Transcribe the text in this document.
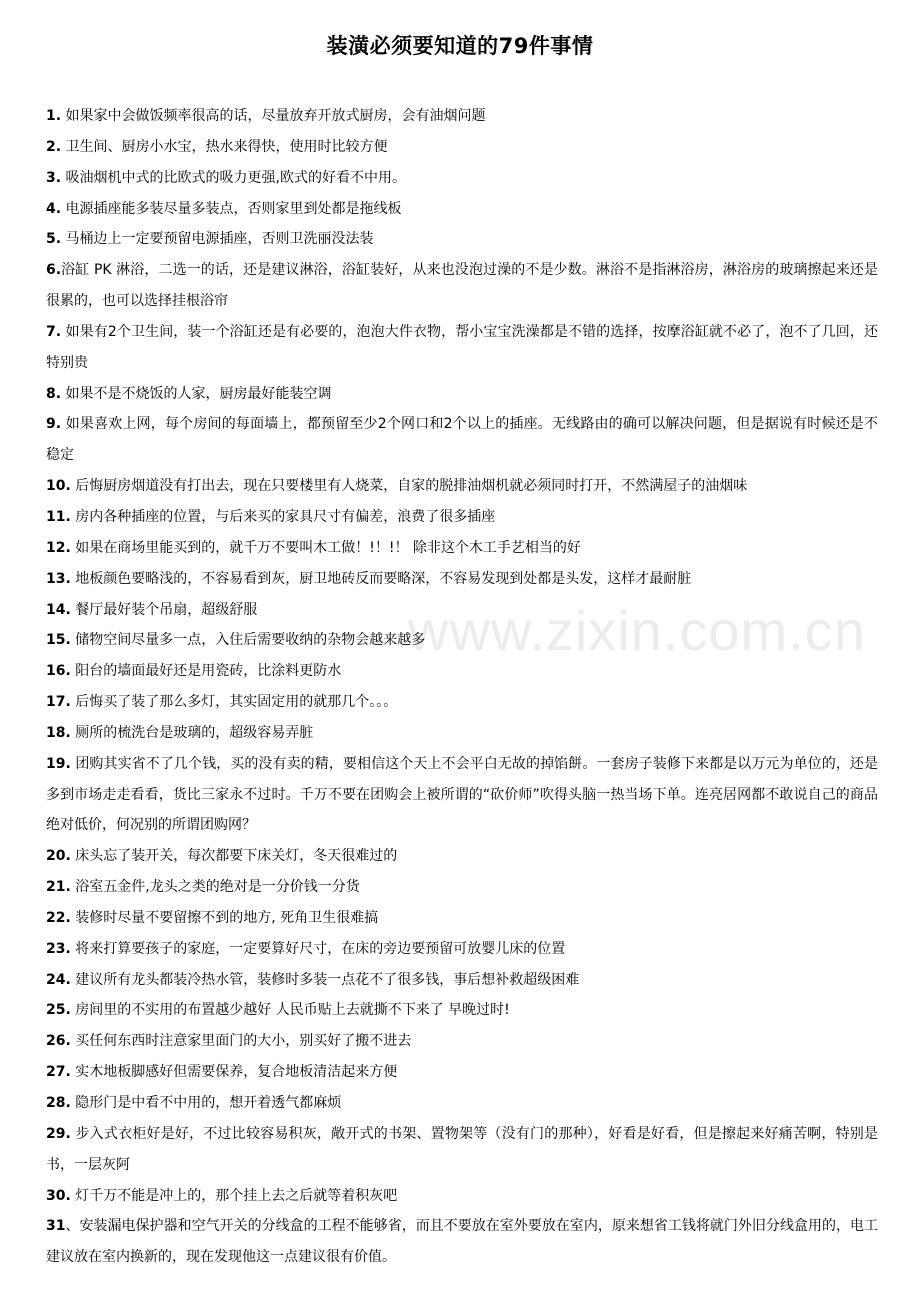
装潢必须要知道的79件事情
www.zixin.com.cn

1. 如果家中会做饭频率很高的话，尽量放弃开放式厨房，会有油烟问题

2. 卫生间、厨房小水宝，热水来得快，使用时比较方便

3. 吸油烟机中式的比欧式的吸力更强,欧式的好看不中用。

4. 电源插座能多装尽量多装点，否则家里到处都是拖线板

5. 马桶边上一定要预留电源插座，否则卫洗丽没法装

6.浴缸 PK 淋浴，二选一的话，还是建议淋浴，浴缸装好，从来也没泡过澡的不是少数。淋浴不是指淋浴房，淋浴房的玻璃擦起来还是很累的，也可以选择挂根浴帘

7. 如果有2个卫生间，装一个浴缸还是有必要的，泡泡大件衣物，帮小宝宝洗澡都是不错的选择，按摩浴缸就不必了，泡不了几回，还特别贵

8. 如果不是不烧饭的人家，厨房最好能装空调

9. 如果喜欢上网，每个房间的每面墙上，都预留至少2个网口和2个以上的插座。无线路由的确可以解决问题，但是据说有时候还是不稳定

10. 后悔厨房烟道没有打出去，现在只要楼里有人烧菜，自家的脱排油烟机就必须同时打开，不然满屋子的油烟味

11. 房内各种插座的位置，与后来买的家具尺寸有偏差，浪费了很多插座

12. 如果在商场里能买到的，就千万不要叫木工做！!！!！ 除非这个木工手艺相当的好

13. 地板颜色要略浅的，不容易看到灰，厨卫地砖反而要略深，不容易发现到处都是头发，这样才最耐脏

14. 餐厅最好装个吊扇，超级舒服

15. 储物空间尽量多一点，入住后需要收纳的杂物会越来越多

16. 阳台的墙面最好还是用瓷砖，比涂料更防水

17. 后悔买了装了那么多灯，其实固定用的就那几个。。。

18. 厕所的梳洗台是玻璃的，超级容易弄脏

19. 团购其实省不了几个钱，买的没有卖的精，要相信这个天上不会平白无故的掉馅餅。一套房子装修下来都是以万元为单位的，还是多到市场走走看看，货比三家永不过时。千万不要在团购会上被所谓的“砍价师”吹得头脑一热当场下单。连亮居网都不敢说自己的商品绝对低价，何况别的所谓团购网？

20. 床头忘了装开关，每次都要下床关灯，冬天很难过的

21. 浴室五金件,龙头之类的绝对是一分价钱一分货

22. 装修时尽量不要留擦不到的地方, 死角卫生很难搞

23. 将来打算要孩子的家庭，一定要算好尺寸，在床的旁边要预留可放婴儿床的位置

24. 建议所有龙头都装冷热水管，装修时多装一点花不了很多钱，事后想补救超级困难

25. 房间里的不实用的布置越少越好 人民币贴上去就撕不下来了 早晚过时!

26. 买任何东西时注意家里面门的大小，别买好了搬不进去

27. 实木地板脚感好但需要保养，复合地板清洁起来方便

28. 隐形门是中看不中用的，想开着透气都麻烦

29. 步入式衣柜好是好，不过比较容易积灰，敞开式的书架、置物架等（没有门的那种），好看是好看，但是擦起来好痛苦啊，特别是书，一层灰阿

30. 灯千万不能是冲上的，那个挂上去之后就等着积灰吧

31、安装漏电保护器和空气开关的分线盒的工程不能够省，而且不要放在室外要放在室内，原来想省工钱将就门外旧分线盒用的，电工建议放在室内换新的，现在发现他这一点建议很有价值。
